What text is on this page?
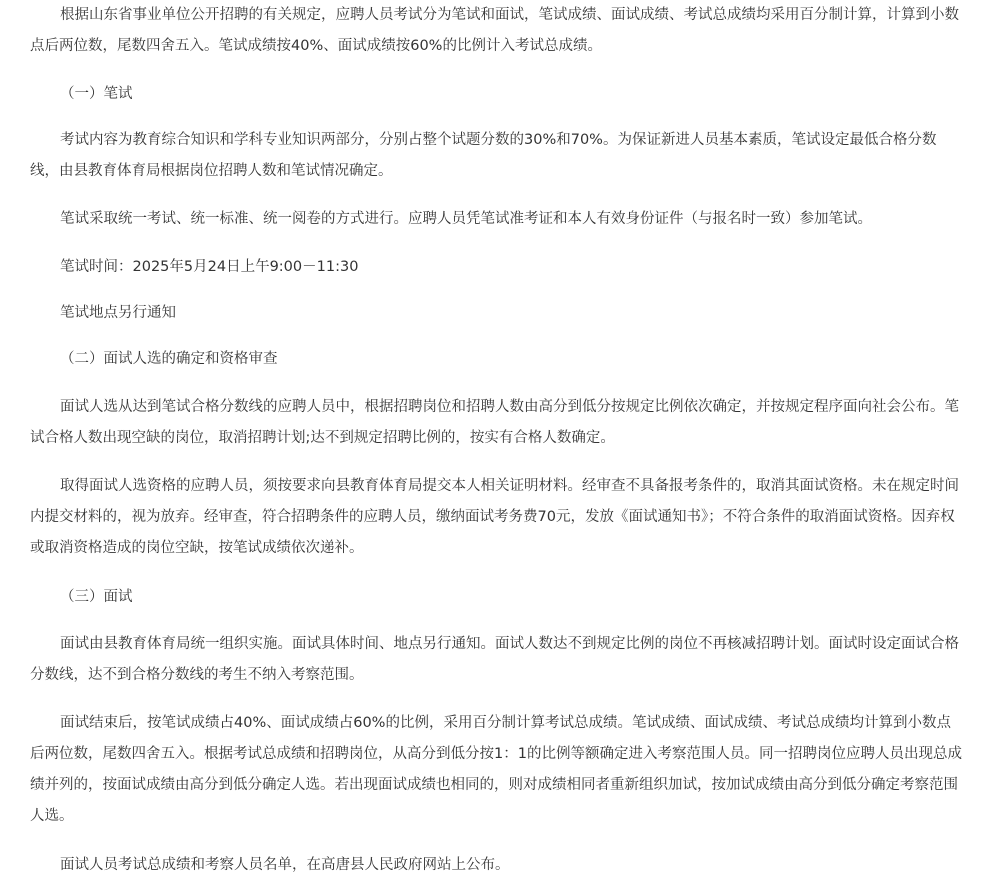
根据山东省事业单位公开招聘的有关规定，应聘人员考试分为笔试和面试，笔试成绩、面试成绩、考试总成绩均采用百分制计算，计算到小数点后两位数，尾数四舍五入。笔试成绩按40%、面试成绩按60%的比例计入考试总成绩。

（一）笔试

考试内容为教育综合知识和学科专业知识两部分，分别占整个试题分数的30%和70%。为保证新进人员基本素质，笔试设定最低合格分数线，由县教育体育局根据岗位招聘人数和笔试情况确定。

笔试采取统一考试、统一标准、统一阅卷的方式进行。应聘人员凭笔试准考证和本人有效身份证件（与报名时一致）参加笔试。

笔试时间：2025年5月24日上午9:00－11:30

笔试地点另行通知

（二）面试人选的确定和资格审查

面试人选从达到笔试合格分数线的应聘人员中，根据招聘岗位和招聘人数由高分到低分按规定比例依次确定，并按规定程序面向社会公布。笔试合格人数出现空缺的岗位，取消招聘计划;达不到规定招聘比例的，按实有合格人数确定。

取得面试人选资格的应聘人员，须按要求向县教育体育局提交本人相关证明材料。经审查不具备报考条件的，取消其面试资格。未在规定时间内提交材料的，视为放弃。经审查，符合招聘条件的应聘人员，缴纳面试考务费70元，发放《面试通知书》；不符合条件的取消面试资格。因弃权或取消资格造成的岗位空缺，按笔试成绩依次递补。

（三）面试

面试由县教育体育局统一组织实施。面试具体时间、地点另行通知。面试人数达不到规定比例的岗位不再核减招聘计划。面试时设定面试合格分数线，达不到合格分数线的考生不纳入考察范围。

面试结束后，按笔试成绩占40%、面试成绩占60%的比例，采用百分制计算考试总成绩。笔试成绩、面试成绩、考试总成绩均计算到小数点后两位数，尾数四舍五入。根据考试总成绩和招聘岗位，从高分到低分按1：1的比例等额确定进入考察范围人员。同一招聘岗位应聘人员出现总成绩并列的，按面试成绩由高分到低分确定人选。若出现面试成绩也相同的，则对成绩相同者重新组织加试，按加试成绩由高分到低分确定考察范围人选。

面试人员考试总成绩和考察人员名单，在高唐县人民政府网站上公布。
